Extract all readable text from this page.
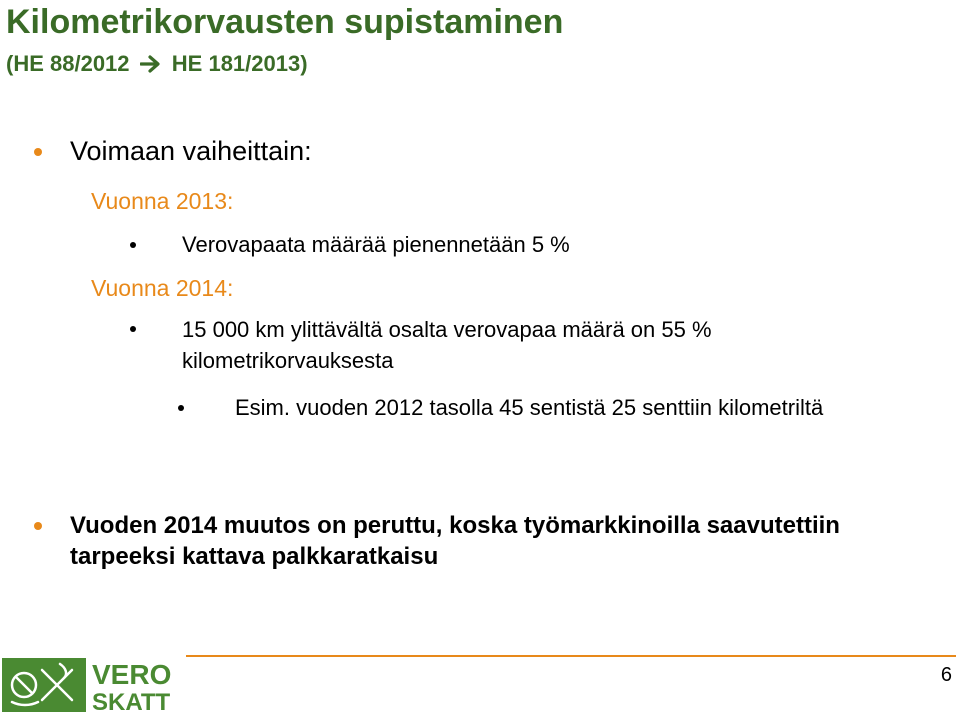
Kilometrikorvausten supistaminen
(HE 88/2012 HE 181/2013)

Voimaan vaiheittain:

Vuonna 2013:

Verovapaata määrää pienennetään 5 %

Vuonna 2014:

15 000 km ylittävältä osalta verovapaa määrä on 55 % kilometrikorvauksesta

Esim. vuoden 2012 tasolla 45 sentistä 25 senttiin kilometriltä

Vuoden 2014 muutos on peruttu, koska työmarkkinoilla saavutettiin tarpeeksi kattava palkkaratkaisu

6
VERO
SKATT
